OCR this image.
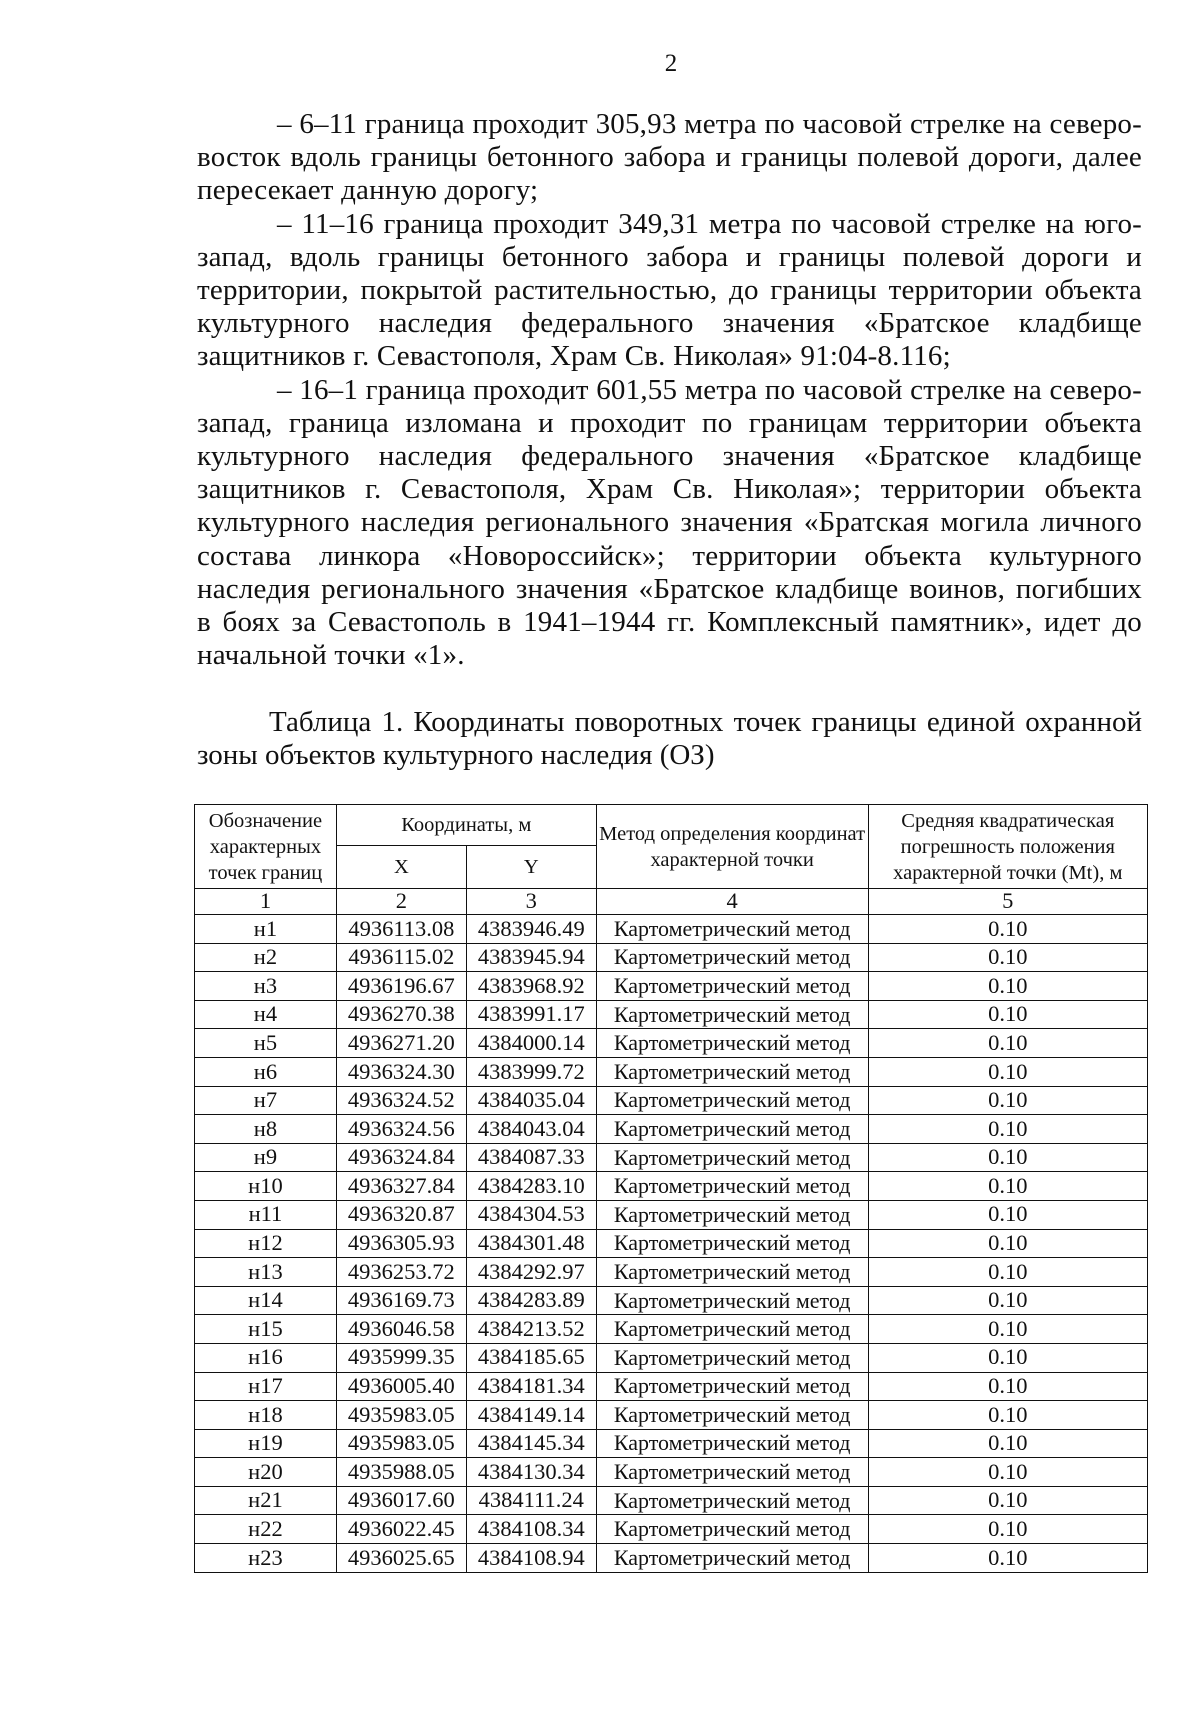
2

– 6–11 граница проходит 305,93 метра по часовой стрелке на северо-восток вдоль границы бетонного забора и границы полевой дороги, далее пересекает данную дорогу;

– 11–16 граница проходит 349,31 метра по часовой стрелке на юго-запад, вдоль границы бетонного забора и границы полевой дороги и территории, покрытой растительностью, до границы территории объекта культурного наследия федерального значения «Братское кладбище защитников г. Севастополя, Храм Св. Николая» 91:04-8.116;

– 16–1 граница проходит 601,55 метра по часовой стрелке на северо-запад, граница изломана и проходит по границам территории объекта культурного наследия федерального значения «Братское кладбище защитников г. Севастополя, Храм Св. Николая»; территории объекта культурного наследия регионального значения «Братская могила личного состава линкора «Новороссийск»; территории объекта культурного наследия регионального значения «Братское кладбище воинов, погибших в боях за Севастополь в 1941–1944 гг. Комплексный памятник», идет до начальной точки «1».

Таблица 1. Координаты поворотных точек границы единой охранной зоны объектов культурного наследия (ОЗ)

Обозначение характерных точек границ	Координаты, м		Метод определения координат характерной точки	Средняя квадратическая погрешность положения характерной точки (Mt), м
	X	Y		
1	2	3	4	5
н1	4936113.08	4383946.49	Картометрический метод	0.10
н2	4936115.02	4383945.94	Картометрический метод	0.10
н3	4936196.67	4383968.92	Картометрический метод	0.10
н4	4936270.38	4383991.17	Картометрический метод	0.10
н5	4936271.20	4384000.14	Картометрический метод	0.10
н6	4936324.30	4383999.72	Картометрический метод	0.10
н7	4936324.52	4384035.04	Картометрический метод	0.10
н8	4936324.56	4384043.04	Картометрический метод	0.10
н9	4936324.84	4384087.33	Картометрический метод	0.10
н10	4936327.84	4384283.10	Картометрический метод	0.10
н11	4936320.87	4384304.53	Картометрический метод	0.10
н12	4936305.93	4384301.48	Картометрический метод	0.10
н13	4936253.72	4384292.97	Картометрический метод	0.10
н14	4936169.73	4384283.89	Картометрический метод	0.10
н15	4936046.58	4384213.52	Картометрический метод	0.10
н16	4935999.35	4384185.65	Картометрический метод	0.10
н17	4936005.40	4384181.34	Картометрический метод	0.10
н18	4935983.05	4384149.14	Картометрический метод	0.10
н19	4935983.05	4384145.34	Картометрический метод	0.10
н20	4935988.05	4384130.34	Картометрический метод	0.10
н21	4936017.60	4384111.24	Картометрический метод	0.10
н22	4936022.45	4384108.34	Картометрический метод	0.10
н23	4936025.65	4384108.94	Картометрический метод	0.10
